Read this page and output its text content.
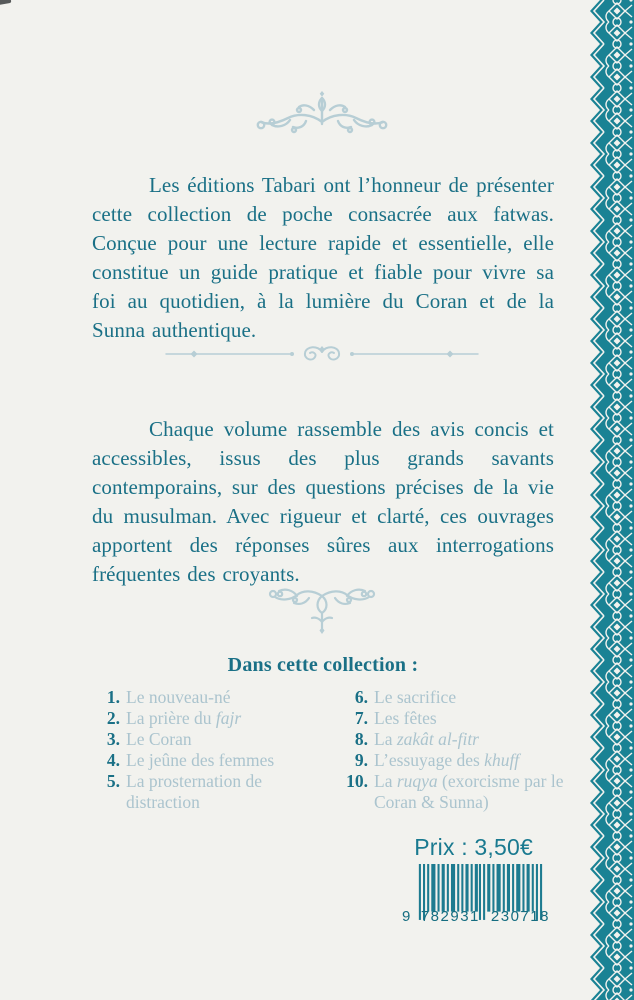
Les éditions Tabari ont l’honneur de présenter cette collection de poche consacrée aux fatwas. Conçue pour une lecture rapide et essentielle, elle constitue un guide pratique et fiable pour vivre sa foi au quotidien, à la lumière du Coran et de la Sunna authentique.

Chaque volume rassemble des avis concis et accessibles, issus des plus grands savants contemporains, sur des questions précises de la vie du musulman. Avec rigueur et clarté, ces ouvrages apportent des réponses sûres aux interrogations fréquentes des croyants.

Dans cette collection :
1. Le nouveau-né
2. La prière du fajr
3. Le Coran
4. Le jeûne des femmes
5. La prosternation de distraction
6. Le sacrifice
7. Les fêtes
8. La zakât al-fitr
9. L’essuyage des khuff
10. La ruqya (exorcisme par le Coran & Sunna)
Prix : 3,50€
9 782931 230718
